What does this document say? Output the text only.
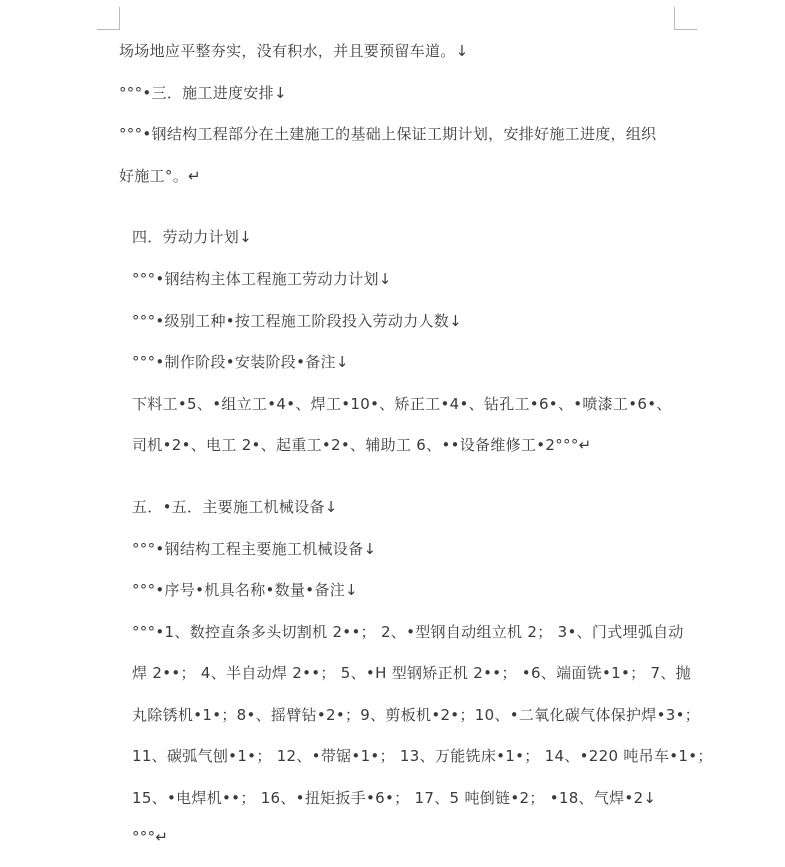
场场地应平整夯实，没有积水，并且要预留车道。↓
°°°•三．施工进度安排↓
°°°•钢结构工程部分在土建施工的基础上保证工期计划，安排好施工进度，组织
好施工°。↵
四．劳动力计划↓
°°°•钢结构主体工程施工劳动力计划↓
°°°•级别工种•按工程施工阶段投入劳动力人数↓
°°°•制作阶段•安装阶段•备注↓
下料工•5、•组立工•4•、焊工•10•、矫正工•4•、钻孔工•6•、•喷漆工•6•、
司机•2•、电工 2•、起重工•2•、辅助工 6、••设备维修工•2°°°↵
五．•五．主要施工机械设备↓
°°°•钢结构工程主要施工机械设备↓
°°°•序号•机具名称•数量•备注↓
°°°•1、数控直条多头切割机 2••； 2、•型钢自动组立机 2； 3•、门式埋弧自动
焊 2••； 4、半自动焊 2••； 5、•H 型钢矫正机 2••； •6、端面铣•1•； 7、抛
丸除锈机•1•；8•、摇臂钻•2•；9、剪板机•2•；10、•二氧化碳气体保护焊•3•；
11、碳弧气刨•1•； 12、•带锯•1•； 13、万能铣床•1•； 14、•220 吨吊车•1•；
15、•电焊机••； 16、•扭矩扳手•6•； 17、5 吨倒链•2； •18、气焊•2↓
°°°↵
